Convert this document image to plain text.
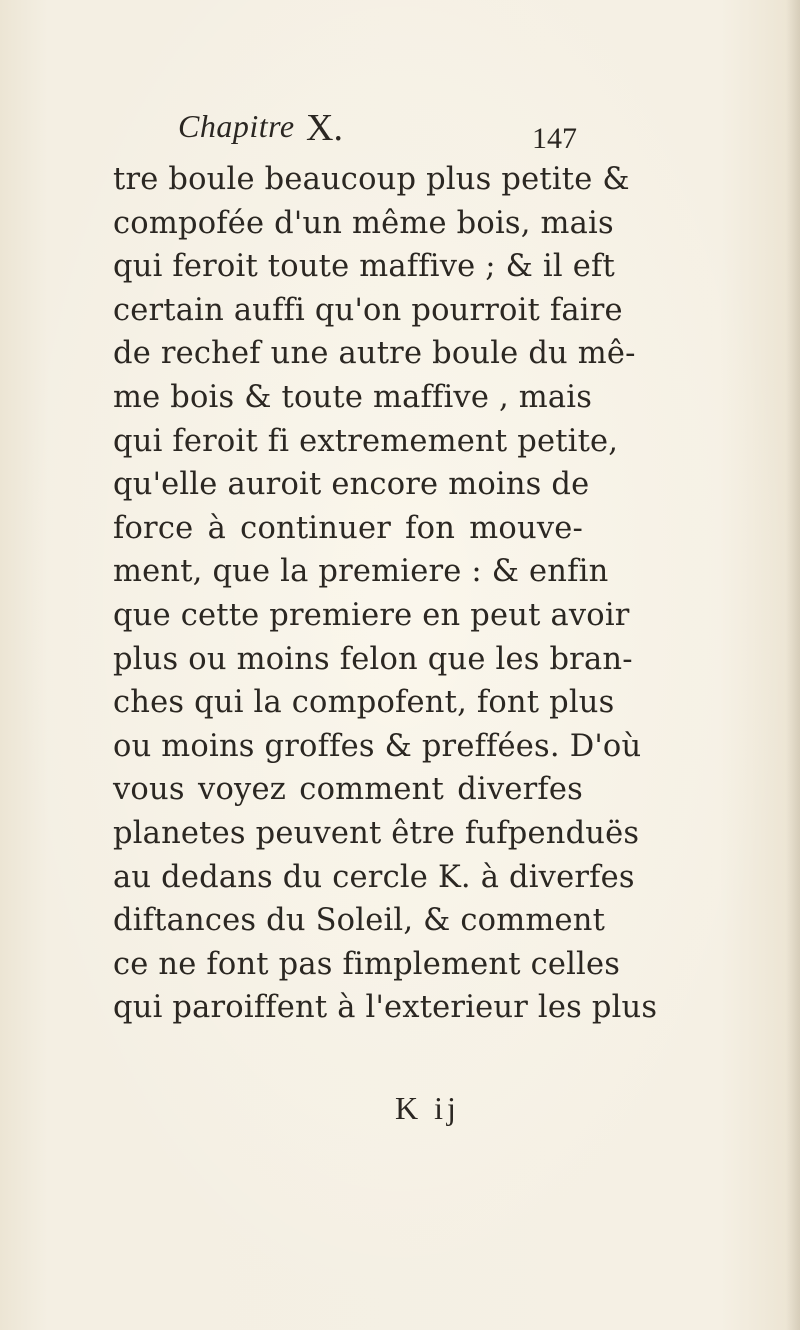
Chapitre X.	147
tre boule beaucoup plus petite &
compofée d'un même bois, mais
qui feroit toute maffive ; & il eft
certain auffi qu'on pourroit faire
de rechef une autre boule du mê-
me bois & toute maffive , mais
qui feroit fi extremement petite,
qu'elle auroit encore moins de
force à continuer fon mouve-
ment, que la premiere : & enfin
que cette premiere en peut avoir
plus ou moins felon que les bran-
ches qui la compofent, font plus
ou moins groffes & preffées. D'où
vous voyez comment diverfes
planetes peuvent être fufpenduës
au dedans du cercle K. à diverfes
diftances du Soleil, & comment
ce ne font pas fimplement celles
qui paroiffent à l'exterieur les plus
K ij
